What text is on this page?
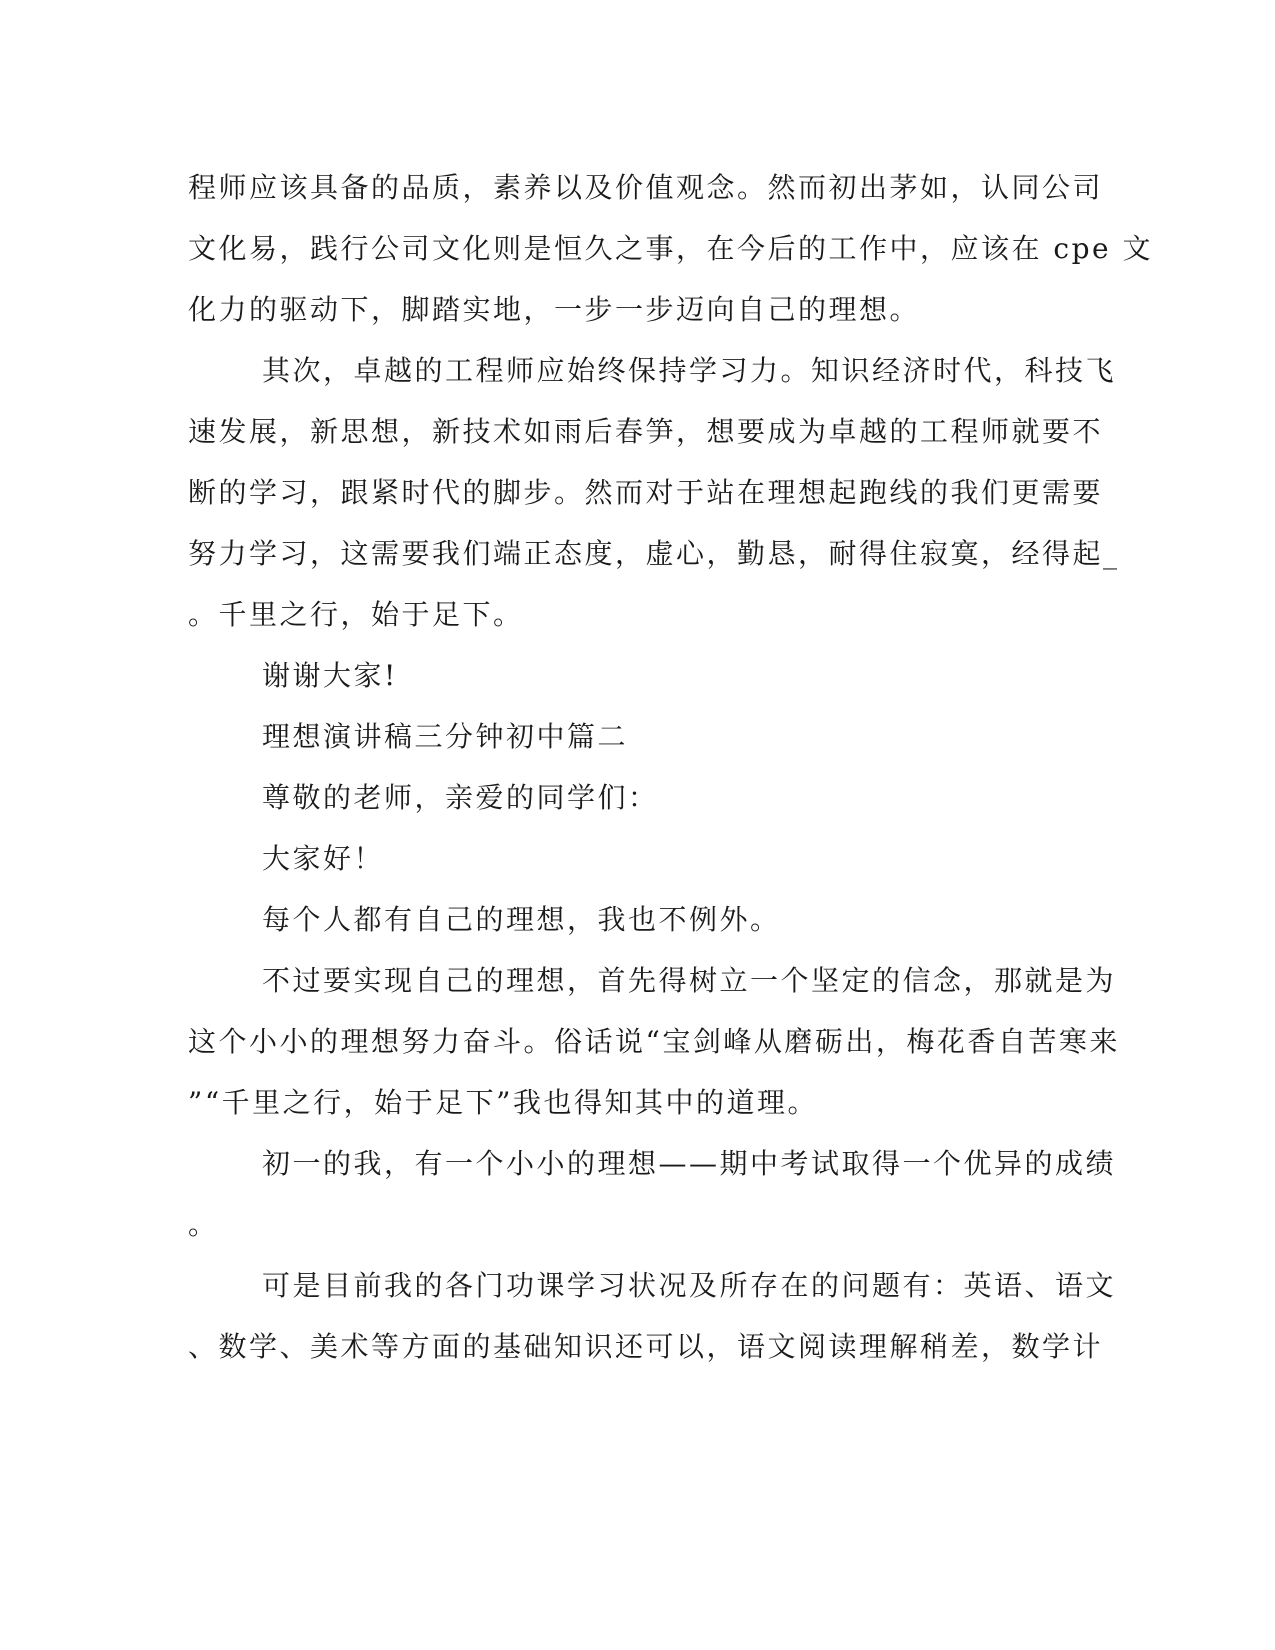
程师应该具备的品质，素养以及价值观念。然而初出茅如，认同公司
文化易，践行公司文化则是恒久之事，在今后的工作中，应该在 cpe 文
化力的驱动下，脚踏实地，一步一步迈向自己的理想。
其次，卓越的工程师应始终保持学习力。知识经济时代，科技飞
速发展，新思想，新技术如雨后春笋，想要成为卓越的工程师就要不
断的学习，跟紧时代的脚步。然而对于站在理想起跑线的我们更需要
努力学习，这需要我们端正态度，虚心，勤恳，耐得住寂寞，经得起_
。千里之行，始于足下。
谢谢大家!
理想演讲稿三分钟初中篇二
尊敬的老师，亲爱的同学们：
大家好！
每个人都有自己的理想，我也不例外。
不过要实现自己的理想，首先得树立一个坚定的信念，那就是为
这个小小的理想努力奋斗。俗话说“宝剑峰从磨砺出，梅花香自苦寒来
”“千里之行，始于足下”我也得知其中的道理。
初一的我，有一个小小的理想——期中考试取得一个优异的成绩
。
可是目前我的各门功课学习状况及所存在的问题有：英语、语文
、数学、美术等方面的基础知识还可以，语文阅读理解稍差，数学计
